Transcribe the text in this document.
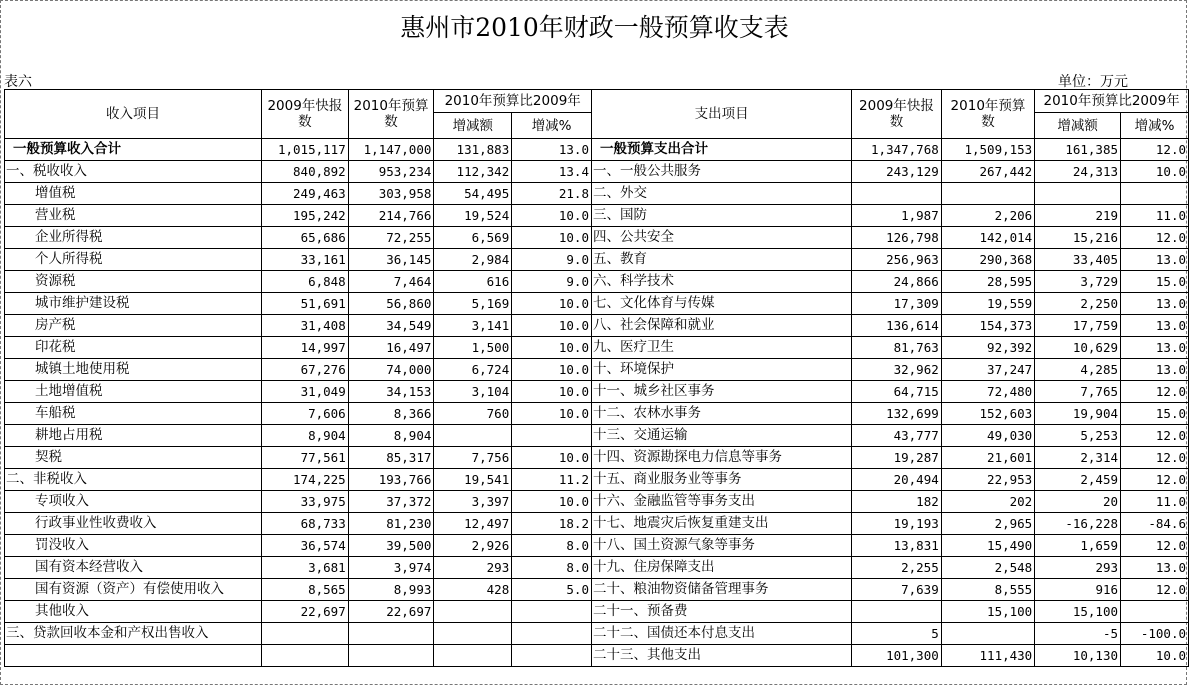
惠州市2010年财政一般预算收支表
表六	单位：万元
收入项目	2009年快报数	2010年预算数	2010年预算比2009年		支出项目	2009年快报数	2010年预算数	2010年预算比2009年	
			增减额	增减%				增减额	增减%
一般预算收入合计	1,015,117	1,147,000	131,883	13.0	一般预算支出合计	1,347,768	1,509,153	161,385	12.0
一、税收收入	840,892	953,234	112,342	13.4	一、一般公共服务	243,129	267,442	24,313	10.0
增值税	249,463	303,958	54,495	21.8	二、外交				
营业税	195,242	214,766	19,524	10.0	三、国防	1,987	2,206	219	11.0
企业所得税	65,686	72,255	6,569	10.0	四、公共安全	126,798	142,014	15,216	12.0
个人所得税	33,161	36,145	2,984	9.0	五、教育	256,963	290,368	33,405	13.0
资源税	6,848	7,464	616	9.0	六、科学技术	24,866	28,595	3,729	15.0
城市维护建设税	51,691	56,860	5,169	10.0	七、文化体育与传媒	17,309	19,559	2,250	13.0
房产税	31,408	34,549	3,141	10.0	八、社会保障和就业	136,614	154,373	17,759	13.0
印花税	14,997	16,497	1,500	10.0	九、医疗卫生	81,763	92,392	10,629	13.0
城镇土地使用税	67,276	74,000	6,724	10.0	十、环境保护	32,962	37,247	4,285	13.0
土地增值税	31,049	34,153	3,104	10.0	十一、城乡社区事务	64,715	72,480	7,765	12.0
车船税	7,606	8,366	760	10.0	十二、农林水事务	132,699	152,603	19,904	15.0
耕地占用税	8,904	8,904			十三、交通运输	43,777	49,030	5,253	12.0
契税	77,561	85,317	7,756	10.0	十四、资源勘探电力信息等事务	19,287	21,601	2,314	12.0
二、非税收入	174,225	193,766	19,541	11.2	十五、商业服务业等事务	20,494	22,953	2,459	12.0
专项收入	33,975	37,372	3,397	10.0	十六、金融监管等事务支出	182	202	20	11.0
行政事业性收费收入	68,733	81,230	12,497	18.2	十七、地震灾后恢复重建支出	19,193	2,965	-16,228	-84.6
罚没收入	36,574	39,500	2,926	8.0	十八、国土资源气象等事务	13,831	15,490	1,659	12.0
国有资本经营收入	3,681	3,974	293	8.0	十九、住房保障支出	2,255	2,548	293	13.0
国有资源（资产）有偿使用收入	8,565	8,993	428	5.0	二十、粮油物资储备管理事务	7,639	8,555	916	12.0
其他收入	22,697	22,697			二十一、预备费		15,100	15,100	
三、贷款回收本金和产权出售收入					二十二、国债还本付息支出	5		-5	-100.0
					二十三、其他支出	101,300	111,430	10,130	10.0
